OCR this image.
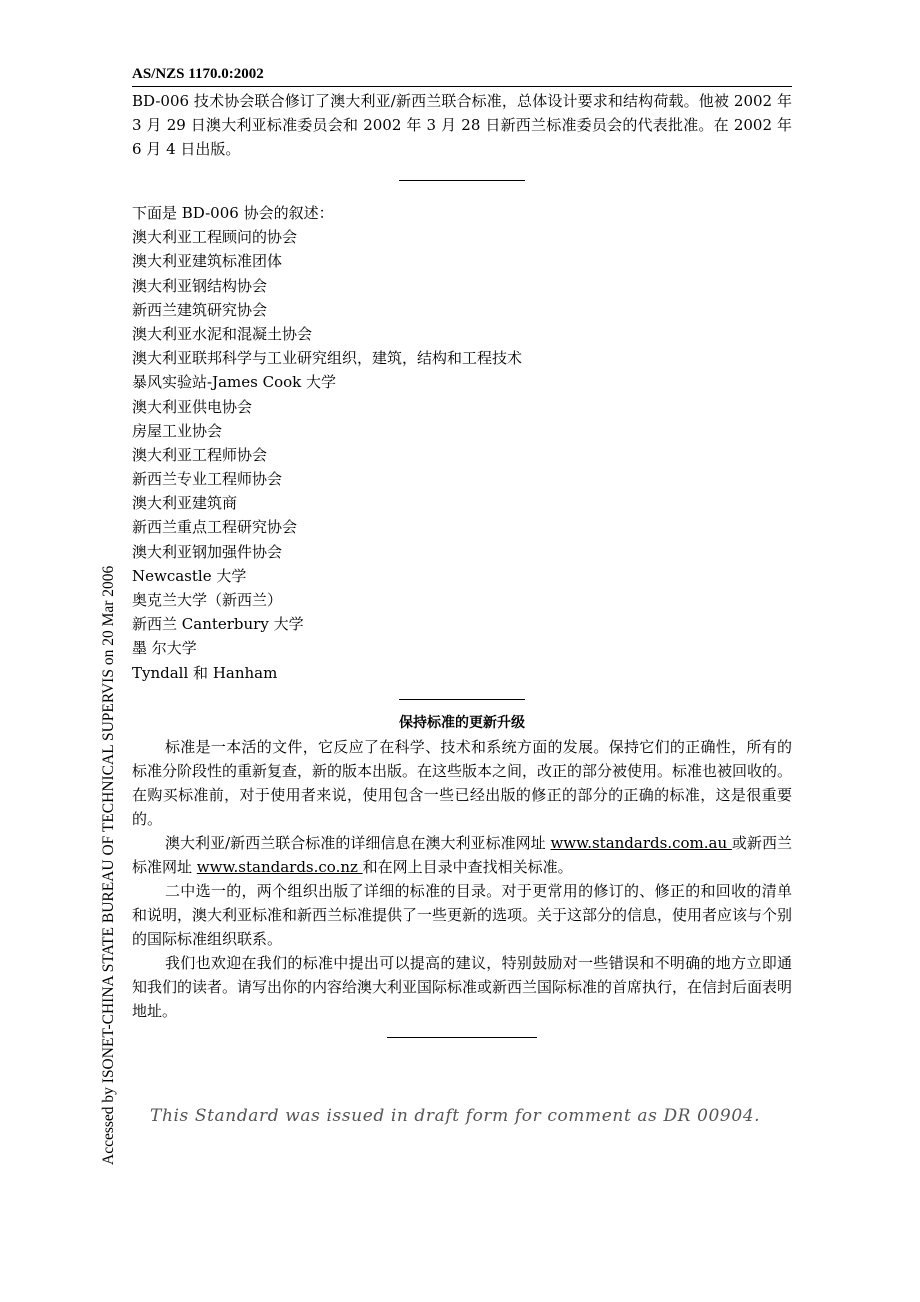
Accessed by ISONET-CHINA STATE BUREAU OF TECHNICAL SUPERVIS on 20 Mar 2006
AS/NZS 1170.0:2002

BD-006 技术协会联合修订了澳大利亚/新西兰联合标准，总体设计要求和结构荷载。他被 2002 年 3 月 29 日澳大利亚标准委员会和 2002 年 3 月 28 日新西兰标准委员会的代表批准。在 2002 年 6 月 4 日出版。

下面是 BD-006 协会的叙述：
澳大利亚工程顾问的协会
澳大利亚建筑标准团体
澳大利亚钢结构协会
新西兰建筑研究协会
澳大利亚水泥和混凝土协会
澳大利亚联邦科学与工业研究组织，建筑，结构和工程技术
暴风实验站-James Cook 大学
澳大利亚供电协会
房屋工业协会
澳大利亚工程师协会
新西兰专业工程师协会
澳大利亚建筑商
新西兰重点工程研究协会
澳大利亚钢加强件协会
Newcastle 大学
奥克兰大学（新西兰）
新西兰 Canterbury 大学
墨 尔大学
Tyndall 和 Hanham
保持标准的更新升级

标准是一本活的文件，它反应了在科学、技术和系统方面的发展。保持它们的正确性，所有的标准分阶段性的重新复查，新的版本出版。在这些版本之间，改正的部分被使用。标准也被回收的。在购买标准前，对于使用者来说，使用包含一些已经出版的修正的部分的正确的标准，这是很重要的。

澳大利亚/新西兰联合标准的详细信息在澳大利亚标准网址 www.standards.com.au 或新西兰标准网址 www.standards.co.nz 和在网上目录中查找相关标准。

二中选一的，两个组织出版了详细的标准的目录。对于更常用的修订的、修正的和回收的清单和说明，澳大利亚标准和新西兰标准提供了一些更新的选项。关于这部分的信息，使用者应该与个别的国际标准组织联系。

我们也欢迎在我们的标准中提出可以提高的建议，特别鼓励对一些错误和不明确的地方立即通知我们的读者。请写出你的内容给澳大利亚国际标准或新西兰国际标准的首席执行，在信封后面表明地址。

This Standard was issued in draft form for comment as DR 00904.
